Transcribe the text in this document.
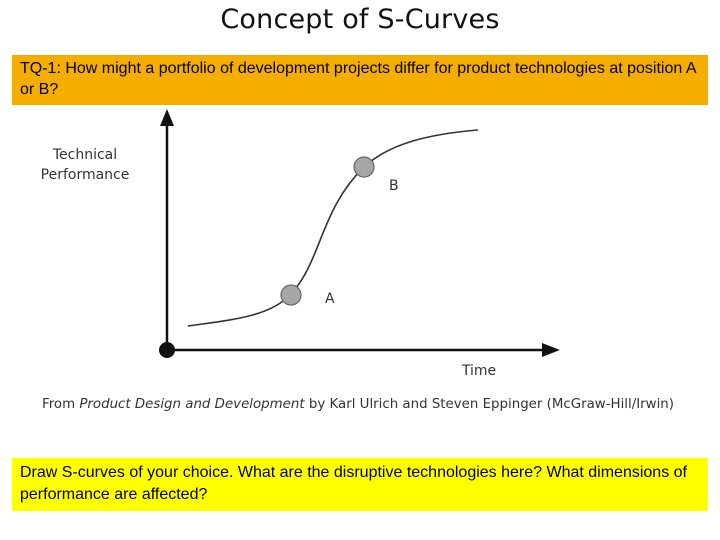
Concept of S-Curves
TQ-1: How might a portfolio of development projects differ for product technologies at position A or B?
A
B
Technical
Performance
Time
From Product Design and Development by Karl Ulrich and Steven Eppinger (McGraw-Hill/Irwin)
Draw S-curves of your choice. What are the disruptive technologies here? What dimensions of performance are affected?
